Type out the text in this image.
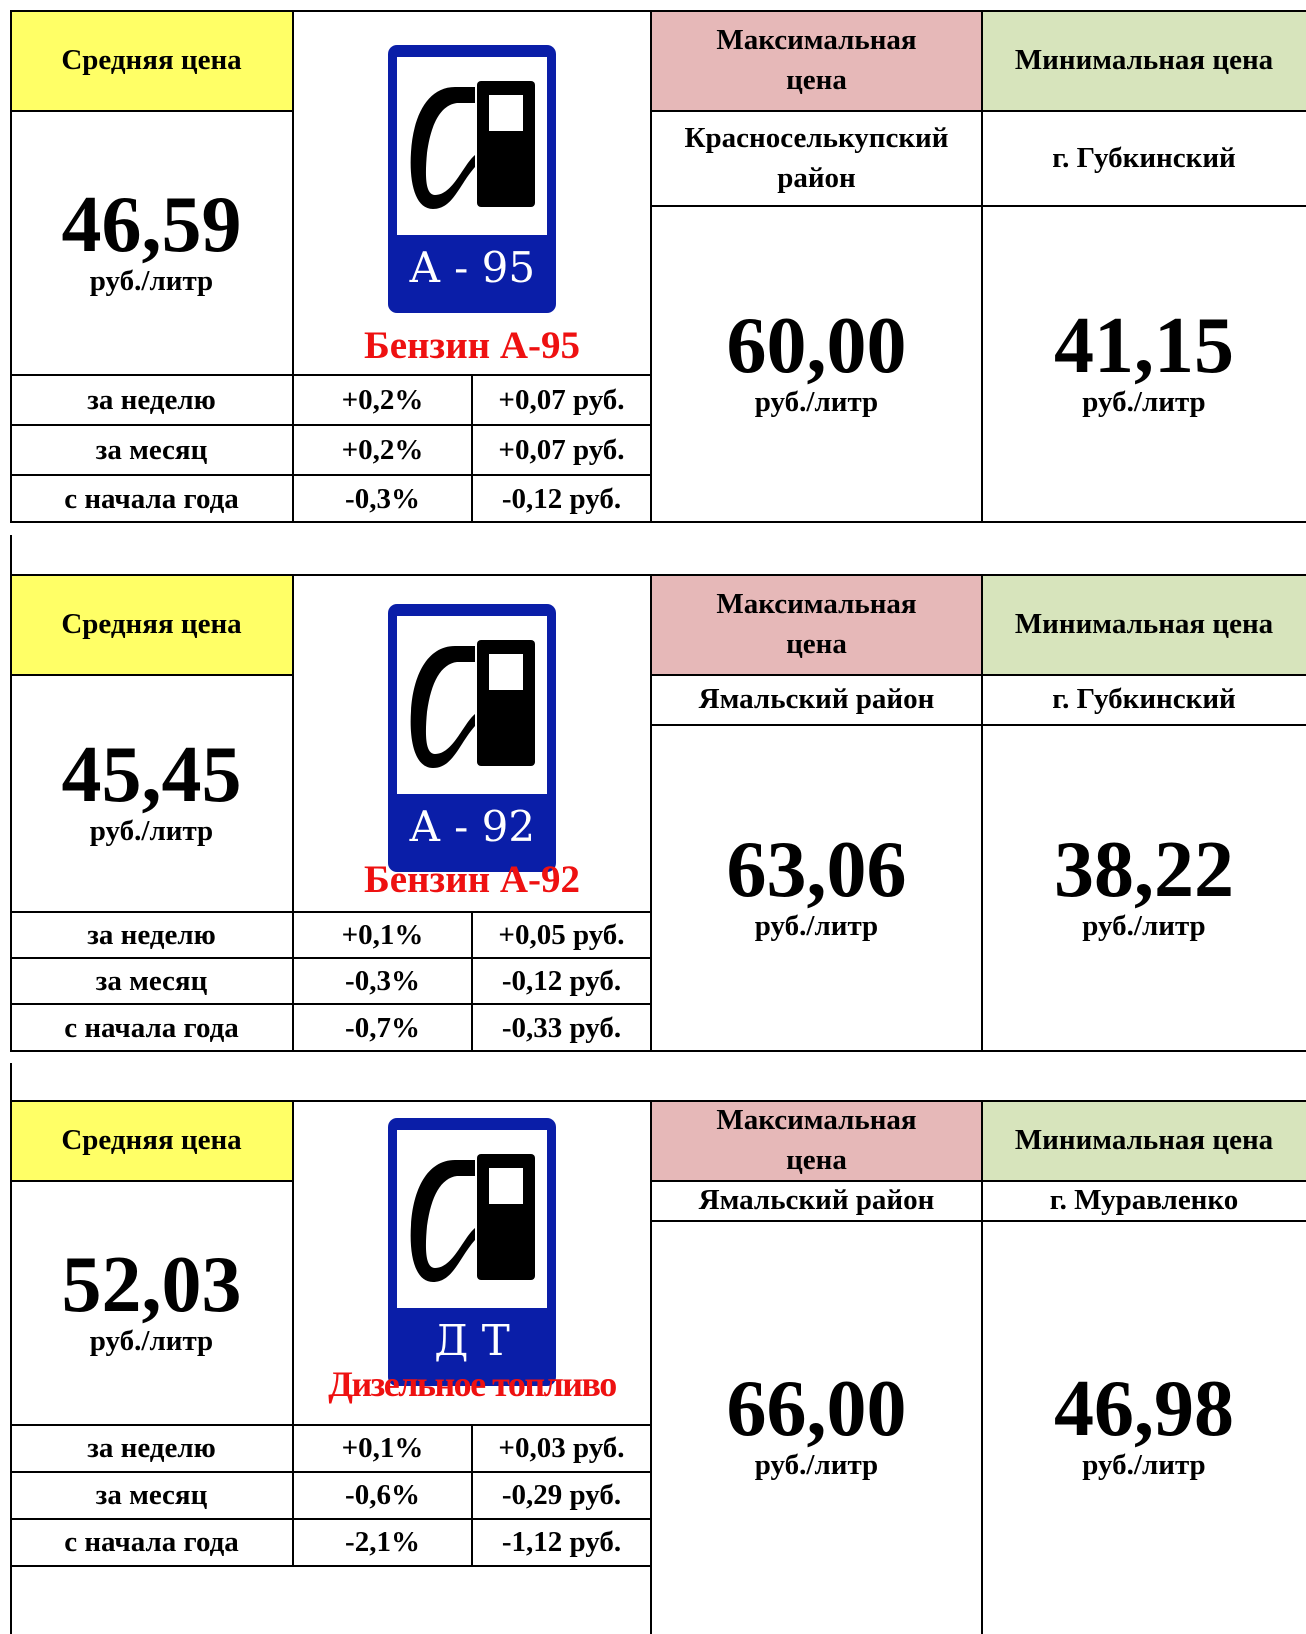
Средняя цена
Максимальная цена
Минимальная цена
Красноселькупский район
г. Губкинский
46,59
руб./литр
60,00
руб./литр
41,15
руб./литр
А - 95
Бензин А-95
за неделю	+0,2%	+0,07 руб.
за месяц	+0,2%	+0,07 руб.
с начала года	-0,3%	-0,12 руб.
Средняя цена
Максимальная цена
Минимальная цена
Ямальский район	г. Губкинский
45,45
руб./литр	63,06
руб./литр
38,22
руб./литр
А - 92
Бензин А-92
за неделю	+0,1%	+0,05 руб.
за месяц	-0,3%	-0,12 руб.
с начала года	-0,7%	-0,33 руб.
Средняя цена
Максимальная цена
Минимальная цена
Ямальский район	г. Муравленко
52,03
руб./литр
66,00
руб./литр
46,98
руб./литр
Д Т
Дизельное топливо
за неделю	+0,1%	+0,03 руб.
за месяц	-0,6%	-0,29 руб.
с начала года	-2,1%	-1,12 руб.
